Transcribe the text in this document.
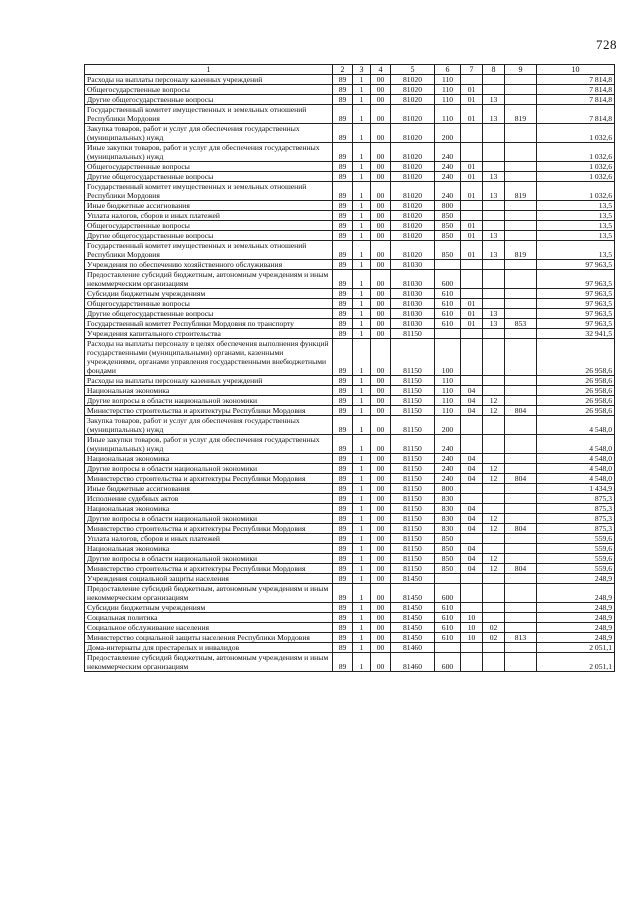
728
1	2	3	4	5	6	7	8	9	10
Расходы на выплаты персоналу казенных учреждений	89	1	00	81020	110				7 814,8
Общегосударственные вопросы	89	1	00	81020	110	01			7 814,8
Другие общегосударственные вопросы	89	1	00	81020	110	01	13		7 814,8
Государственный комитет имущественных и земельных отношений Республики Мордовия	89	1	00	81020	110	01	13	819	7 814,8
Закупка товаров, работ и услуг для обеспечения государственных (муниципальных) нужд	89	1	00	81020	200				1 032,6
Иные закупки товаров, работ и услуг для обеспечения государственных (муниципальных) нужд	89	1	00	81020	240				1 032,6
Общегосударственные вопросы	89	1	00	81020	240	01			1 032,6
Другие общегосударственные вопросы	89	1	00	81020	240	01	13		1 032,6
Государственный комитет имущественных и земельных отношений Республики Мордовия	89	1	00	81020	240	01	13	819	1 032,6
Иные бюджетные ассигнования	89	1	00	81020	800				13,5
Уплата налогов, сборов и иных платежей	89	1	00	81020	850				13,5
Общегосударственные вопросы	89	1	00	81020	850	01			13,5
Другие общегосударственные вопросы	89	1	00	81020	850	01	13		13,5
Государственный комитет имущественных и земельных отношений Республики Мордовия	89	1	00	81020	850	01	13	819	13,5
Учреждения по обеспечению хозяйственного обслуживания	89	1	00	81030					97 963,5
Предоставление субсидий бюджетным, автономным учреждениям и иным некоммерческим организациям	89	1	00	81030	600				97 963,5
Субсидии бюджетным учреждениям	89	1	00	81030	610				97 963,5
Общегосударственные вопросы	89	1	00	81030	610	01			97 963,5
Другие общегосударственные вопросы	89	1	00	81030	610	01	13		97 963,5
Государственный комитет Республики Мордовия по транспорту	89	1	00	81030	610	01	13	853	97 963,5
Учреждения капитального строительства	89	1	00	81150					32 941,5
Расходы на выплаты персоналу в целях обеспечения выполнения функций государственными (муниципальными) органами, казенными учреждениями, органами управления государственными внебюджетными фондами	89	1	00	81150	100				26 958,6
Расходы на выплаты персоналу казенных учреждений	89	1	00	81150	110				26 958,6
Национальная экономика	89	1	00	81150	110	04			26 958,6
Другие вопросы в области национальной экономики	89	1	00	81150	110	04	12		26 958,6
Министерство строительства и архитектуры Республики Мордовия	89	1	00	81150	110	04	12	804	26 958,6
Закупка товаров, работ и услуг для обеспечения государственных (муниципальных) нужд	89	1	00	81150	200				4 548,0
Иные закупки товаров, работ и услуг для обеспечения государственных (муниципальных) нужд	89	1	00	81150	240				4 548,0
Национальная экономика	89	1	00	81150	240	04			4 548,0
Другие вопросы в области национальной экономики	89	1	00	81150	240	04	12		4 548,0
Министерство строительства и архитектуры Республики Мордовия	89	1	00	81150	240	04	12	804	4 548,0
Иные бюджетные ассигнования	89	1	00	81150	800				1 434,9
Исполнение судебных актов	89	1	00	81150	830				875,3
Национальная экономика	89	1	00	81150	830	04			875,3
Другие вопросы в области национальной экономики	89	1	00	81150	830	04	12		875,3
Министерство строительства и архитектуры Республики Мордовия	89	1	00	81150	830	04	12	804	875,3
Уплата налогов, сборов и иных платежей	89	1	00	81150	850				559,6
Национальная экономика	89	1	00	81150	850	04			559,6
Другие вопросы в области национальной экономики	89	1	00	81150	850	04	12		559,6
Министерство строительства и архитектуры Республики Мордовия	89	1	00	81150	850	04	12	804	559,6
Учреждения социальной защиты населения	89	1	00	81450					248,9
Предоставление субсидий бюджетным, автономным учреждениям и иным некоммерческим организациям	89	1	00	81450	600				248,9
Субсидии бюджетным учреждениям	89	1	00	81450	610				248,9
Социальная политика	89	1	00	81450	610	10			248,9
Социальное обслуживание населения	89	1	00	81450	610	10	02		248,9
Министерство социальной защиты населения Республики Мордовия	89	1	00	81450	610	10	02	813	248,9
Дома-интернаты для престарелых и инвалидов	89	1	00	81460					2 051,1
Предоставление субсидий бюджетным, автономным учреждениям и иным некоммерческим организациям	89	1	00	81460	600				2 051,1
